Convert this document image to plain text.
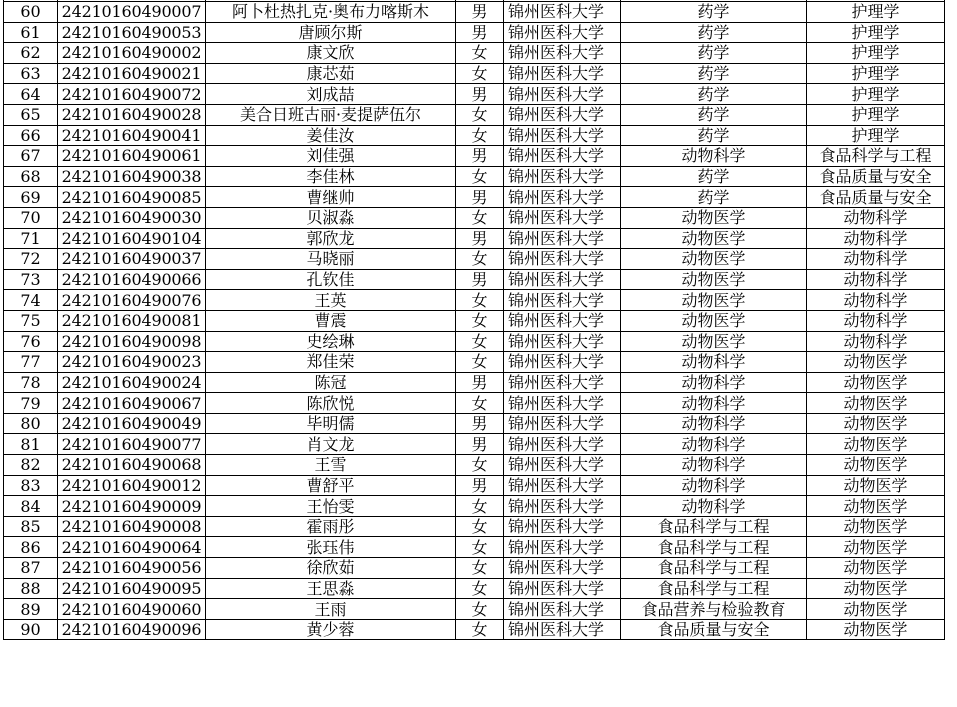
60	24210160490007	阿卜杜热扎克·奥布力喀斯木	男	锦州医科大学	药学	护理学
61	24210160490053	唐顾尔斯	男	锦州医科大学	药学	护理学
62	24210160490002	康文欣	女	锦州医科大学	药学	护理学
63	24210160490021	康芯茹	女	锦州医科大学	药学	护理学
64	24210160490072	刘成喆	男	锦州医科大学	药学	护理学
65	24210160490028	美合日班古丽·麦提萨伍尔	女	锦州医科大学	药学	护理学
66	24210160490041	姜佳汝	女	锦州医科大学	药学	护理学
67	24210160490061	刘佳强	男	锦州医科大学	动物科学	食品科学与工程
68	24210160490038	李佳林	女	锦州医科大学	药学	食品质量与安全
69	24210160490085	曹继帅	男	锦州医科大学	药学	食品质量与安全
70	24210160490030	贝淑淼	女	锦州医科大学	动物医学	动物科学
71	24210160490104	郭欣龙	男	锦州医科大学	动物医学	动物科学
72	24210160490037	马晓丽	女	锦州医科大学	动物医学	动物科学
73	24210160490066	孔钦佳	男	锦州医科大学	动物医学	动物科学
74	24210160490076	王英	女	锦州医科大学	动物医学	动物科学
75	24210160490081	曹震	女	锦州医科大学	动物医学	动物科学
76	24210160490098	史绘琳	女	锦州医科大学	动物医学	动物科学
77	24210160490023	郑佳荣	女	锦州医科大学	动物科学	动物医学
78	24210160490024	陈冠	男	锦州医科大学	动物科学	动物医学
79	24210160490067	陈欣悦	女	锦州医科大学	动物科学	动物医学
80	24210160490049	毕明儒	男	锦州医科大学	动物科学	动物医学
81	24210160490077	肖文龙	男	锦州医科大学	动物科学	动物医学
82	24210160490068	王雪	女	锦州医科大学	动物科学	动物医学
83	24210160490012	曹舒平	男	锦州医科大学	动物科学	动物医学
84	24210160490009	王怡雯	女	锦州医科大学	动物科学	动物医学
85	24210160490008	霍雨彤	女	锦州医科大学	食品科学与工程	动物医学
86	24210160490064	张珏伟	女	锦州医科大学	食品科学与工程	动物医学
87	24210160490056	徐欣茹	女	锦州医科大学	食品科学与工程	动物医学
88	24210160490095	王思淼	女	锦州医科大学	食品科学与工程	动物医学
89	24210160490060	王雨	女	锦州医科大学	食品营养与检验教育	动物医学
90	24210160490096	黄少蓉	女	锦州医科大学	食品质量与安全	动物医学
